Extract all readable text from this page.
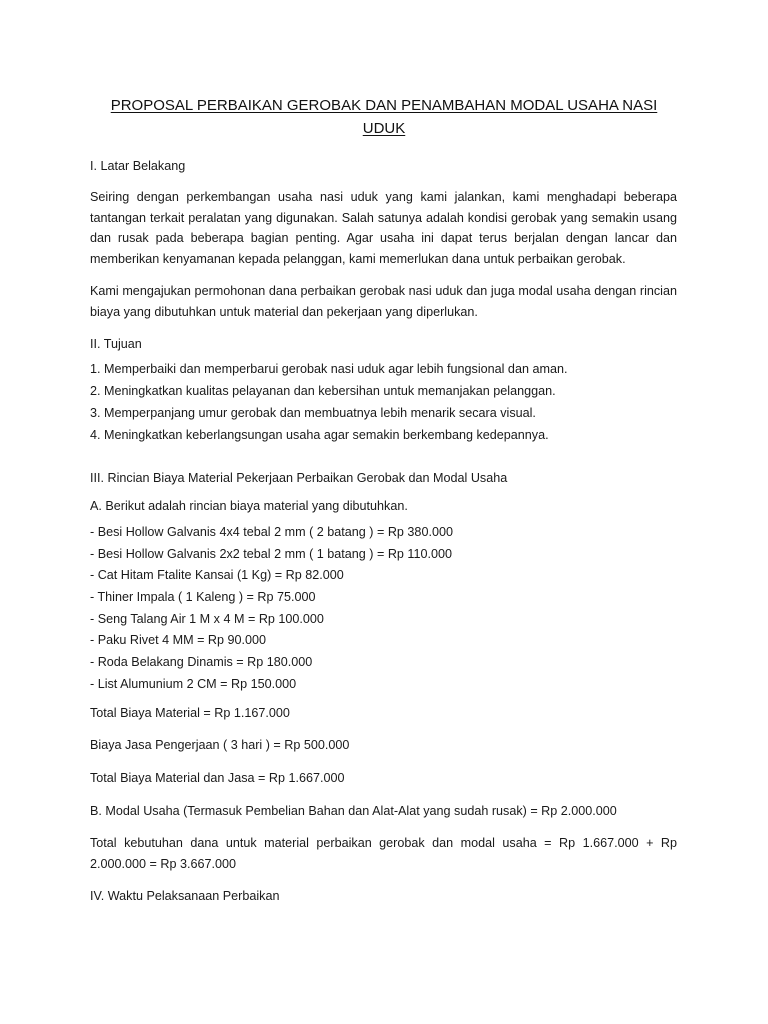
PROPOSAL PERBAIKAN GEROBAK DAN PENAMBAHAN MODAL USAHA NASI UDUK
I. Latar Belakang
Seiring dengan perkembangan usaha nasi uduk yang kami jalankan, kami menghadapi beberapa tantangan terkait peralatan yang digunakan. Salah satunya adalah kondisi gerobak yang semakin usang dan rusak pada beberapa bagian penting. Agar usaha ini dapat terus berjalan dengan lancar dan memberikan kenyamanan kepada pelanggan, kami memerlukan dana untuk perbaikan gerobak.
Kami mengajukan permohonan dana perbaikan gerobak nasi uduk dan juga modal usaha dengan rincian biaya yang dibutuhkan untuk material dan pekerjaan yang diperlukan.
II. Tujuan
1. Memperbaiki dan memperbarui gerobak nasi uduk agar lebih fungsional dan aman.
2. Meningkatkan kualitas pelayanan dan kebersihan untuk memanjakan pelanggan.
3. Memperpanjang umur gerobak dan membuatnya lebih menarik secara visual.
4. Meningkatkan keberlangsungan usaha agar semakin berkembang kedepannya.
III. Rincian Biaya Material Pekerjaan Perbaikan Gerobak dan Modal Usaha
A. Berikut adalah rincian biaya material yang dibutuhkan.
- Besi Hollow Galvanis 4x4 tebal 2 mm ( 2 batang ) = Rp 380.000
- Besi Hollow Galvanis 2x2 tebal 2 mm ( 1 batang ) = Rp 110.000
- Cat Hitam Ftalite Kansai (1 Kg) = Rp 82.000
- Thiner Impala ( 1 Kaleng ) = Rp 75.000
- Seng Talang Air 1 M x 4 M = Rp 100.000
- Paku Rivet 4 MM = Rp 90.000
- Roda Belakang Dinamis = Rp 180.000
- List Alumunium 2 CM = Rp 150.000
Total Biaya Material = Rp 1.167.000
Biaya Jasa Pengerjaan ( 3 hari ) = Rp 500.000
Total Biaya Material dan Jasa = Rp 1.667.000
B. Modal Usaha (Termasuk Pembelian Bahan dan Alat-Alat yang sudah rusak) = Rp 2.000.000
Total kebutuhan dana untuk material perbaikan gerobak dan modal usaha = Rp 1.667.000 + Rp 2.000.000 = Rp 3.667.000
IV. Waktu Pelaksanaan Perbaikan
